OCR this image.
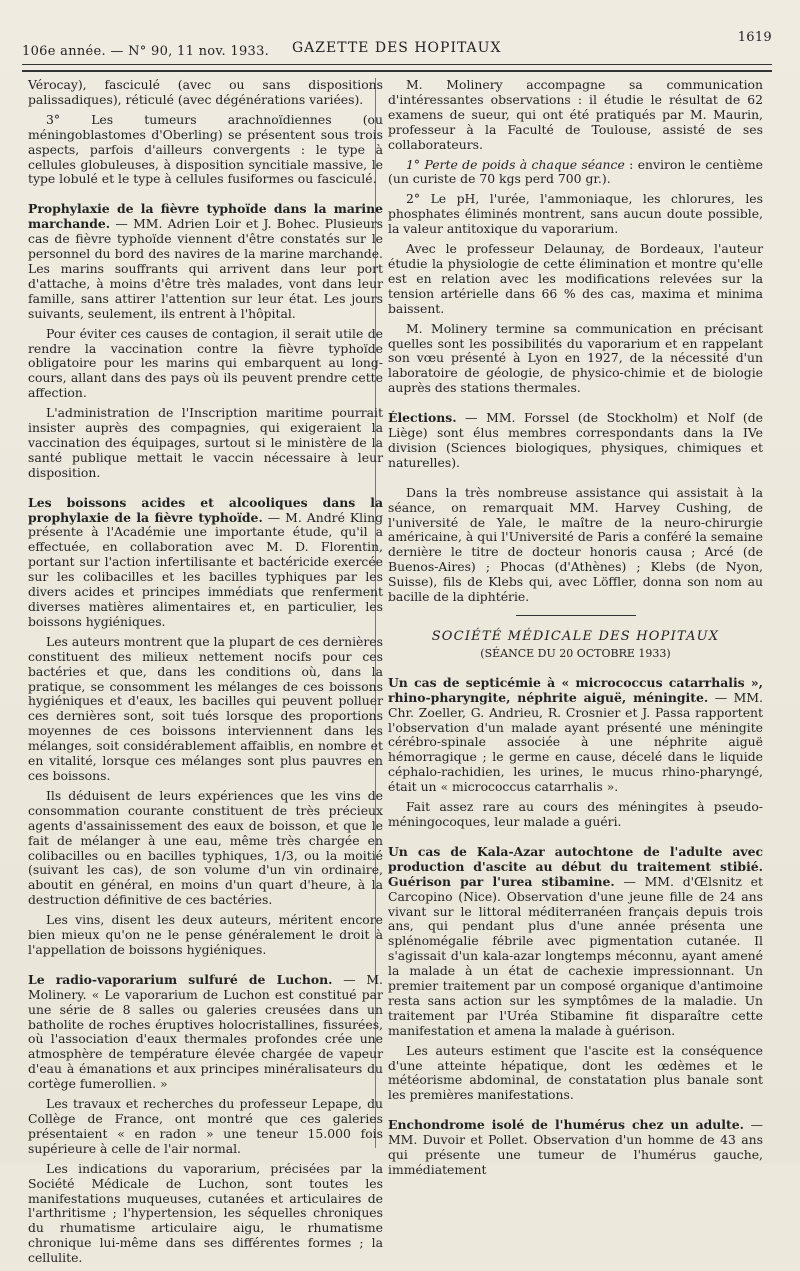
106e année. — N° 90, 11 nov. 1933. GAZETTE DES HOPITAUX
1619

Vérocay), fasciculé (avec ou sans dispositions palissadiques), réticulé (avec dégénérations variées).

3° Les tumeurs arachnoïdiennes (ou méningoblastomes d'Oberling) se présentent sous trois aspects, parfois d'ailleurs convergents : le type à cellules globuleuses, à disposition syncitiale massive, le type lobulé et le type à cellules fusiformes ou fasciculé.

Prophylaxie de la fièvre typhoïde dans la marine marchande. — MM. Adrien Loir et J. Bohec. Plusieurs cas de fièvre typhoïde viennent d'être constatés sur le personnel du bord des navires de la marine marchande. Les marins souffrants qui arrivent dans leur port d'attache, à moins d'être très malades, vont dans leur famille, sans attirer l'attention sur leur état. Les jours suivants, seulement, ils entrent à l'hôpital.

Pour éviter ces causes de contagion, il serait utile de rendre la vaccination contre la fièvre typhoïde obligatoire pour les marins qui embarquent au long-cours, allant dans des pays où ils peuvent prendre cette affection.

L'administration de l'Inscription maritime pourrait insister auprès des compagnies, qui exigeraient la vaccination des équipages, surtout si le ministère de la santé publique mettait le vaccin nécessaire à leur disposition.

Les boissons acides et alcooliques dans la prophylaxie de la fièvre typhoïde. — M. André Kling présente à l'Académie une importante étude, qu'il a effectuée, en collaboration avec M. D. Florentin, portant sur l'action infertilisante et bactéricide exercée sur les colibacilles et les bacilles typhiques par les divers acides et principes immédiats que renferment diverses matières alimentaires et, en particulier, les boissons hygiéniques.

Les auteurs montrent que la plupart de ces dernières constituent des milieux nettement nocifs pour ces bactéries et que, dans les conditions où, dans la pratique, se consomment les mélanges de ces boissons hygiéniques et d'eaux, les bacilles qui peuvent polluer ces dernières sont, soit tués lorsque des proportions moyennes de ces boissons interviennent dans les mélanges, soit considérablement affaiblis, en nombre et en vitalité, lorsque ces mélanges sont plus pauvres en ces boissons.

Ils déduisent de leurs expériences que les vins de consommation courante constituent de très précieux agents d'assainissement des eaux de boisson, et que le fait de mélanger à une eau, même très chargée en colibacilles ou en bacilles typhiques, 1/3, ou la moitié (suivant les cas), de son volume d'un vin ordinaire, aboutit en général, en moins d'un quart d'heure, à la destruction définitive de ces bactéries.

Les vins, disent les deux auteurs, méritent encore bien mieux qu'on ne le pense généralement le droit à l'appellation de boissons hygiéniques.

Le radio-vaporarium sulfuré de Luchon. — M. Molinery. « Le vaporarium de Luchon est constitué par une série de 8 salles ou galeries creusées dans un batholite de roches éruptives holocristallines, fissurées, où l'association d'eaux thermales profondes crée une atmosphère de température élevée chargée de vapeur d'eau à émanations et aux principes minéralisateurs du cortège fumerollien. »

Les travaux et recherches du professeur Lepape, du Collège de France, ont montré que ces galeries présentaient « en radon » une teneur 15.000 fois supérieure à celle de l'air normal.

Les indications du vaporarium, précisées par la Société Médicale de Luchon, sont toutes les manifestations muqueuses, cutanées et articulaires de l'arthritisme ; l'hypertension, les séquelles chroniques du rhumatisme articulaire aigu, le rhumatisme chronique lui-même dans ses différentes formes ; la cellulite.

M. Molinery accompagne sa communication d'intéressantes observations : il étudie le résultat de 62 examens de sueur, qui ont été pratiqués par M. Maurin, professeur à la Faculté de Toulouse, assisté de ses collaborateurs.

1° Perte de poids à chaque séance : environ le centième (un curiste de 70 kgs perd 700 gr.).

2° Le pH, l'urée, l'ammoniaque, les chlorures, les phosphates éliminés montrent, sans aucun doute possible, la valeur antitoxique du vaporarium.

Avec le professeur Delaunay, de Bordeaux, l'auteur étudie la physiologie de cette élimination et montre qu'elle est en relation avec les modifications relevées sur la tension artérielle dans 66 % des cas, maxima et minima baissent.

M. Molinery termine sa communication en précisant quelles sont les possibilités du vaporarium et en rappelant son vœu présenté à Lyon en 1927, de la nécessité d'un laboratoire de géologie, de physico-chimie et de biologie auprès des stations thermales.

Élections. — MM. Forssel (de Stockholm) et Nolf (de Liège) sont élus membres correspondants dans la IVe division (Sciences biologiques, physiques, chimiques et naturelles).

Dans la très nombreuse assistance qui assistait à la séance, on remarquait MM. Harvey Cushing, de l'université de Yale, le maître de la neuro-chirurgie américaine, à qui l'Université de Paris a conféré la semaine dernière le titre de docteur honoris causa ; Arcé (de Buenos-Aires) ; Phocas (d'Athènes) ; Klebs (de Nyon, Suisse), fils de Klebs qui, avec Löffler, donna son nom au bacille de la diphtérie.

SOCIÉTÉ MÉDICALE DES HOPITAUX
(SÉANCE DU 20 OCTOBRE 1933)

Un cas de septicémie à « micrococcus catarrhalis », rhino-pharyngite, néphrite aiguë, méningite. — MM. Chr. Zoeller, G. Andrieu, R. Crosnier et J. Passa rapportent l'observation d'un malade ayant présenté une méningite cérébro-spinale associée à une néphrite aiguë hémorragique ; le germe en cause, décelé dans le liquide céphalo-rachidien, les urines, le mucus rhino-pharyngé, était un « micrococcus catarrhalis ».

Fait assez rare au cours des méningites à pseudo-méningocoques, leur malade a guéri.

Un cas de Kala-Azar autochtone de l'adulte avec production d'ascite au début du traitement stibié. Guérison par l'urea stibamine. — MM. d'Œlsnitz et Carcopino (Nice). Observation d'une jeune fille de 24 ans vivant sur le littoral méditerranéen français depuis trois ans, qui pendant plus d'une année présenta une splénomégalie fébrile avec pigmentation cutanée. Il s'agissait d'un kala-azar longtemps méconnu, ayant amené la malade à un état de cachexie impressionnant. Un premier traitement par un composé organique d'antimoine resta sans action sur les symptômes de la maladie. Un traitement par l'Uréa Stibamine fit disparaître cette manifestation et amena la malade à guérison.

Les auteurs estiment que l'ascite est la conséquence d'une atteinte hépatique, dont les œdèmes et le météorisme abdominal, de constatation plus banale sont les premières manifestations.

Enchondrome isolé de l'humérus chez un adulte. — MM. Duvoir et Pollet. Observation d'un homme de 43 ans qui présente une tumeur de l'humérus gauche, immédiatement
